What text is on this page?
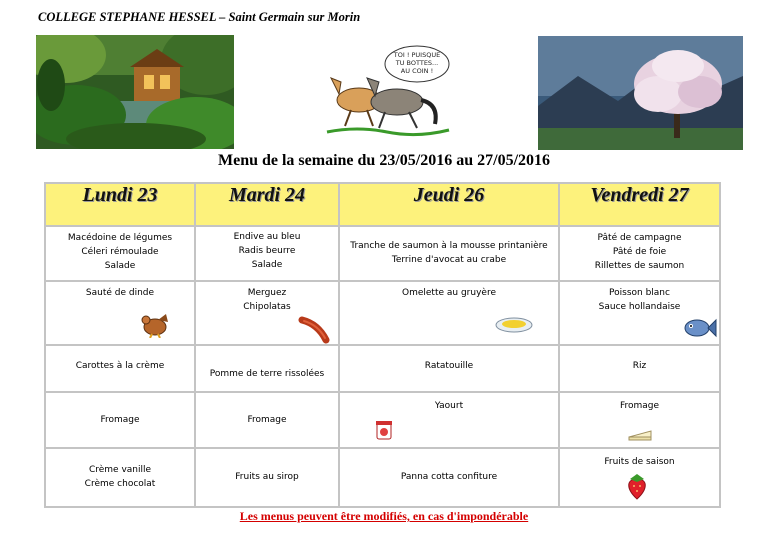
COLLEGE STEPHANE HESSEL – Saint Germain sur Morin
TOI ! PUISQUE
TU BOTTES...
AU COIN !
Menu de la semaine du 23/05/2016 au 27/05/2016
Lundi 23	Mardi 24	Jeudi 26	Vendredi 27

Macédoine de légumes
Céleri rémoulade
Salade	Endive au bleu
Radis beurre
Salade	Tranche de saumon à la mousse printanière
Terrine d'avocat au crabe	Pâté de campagne
Pâté de foie
Rillettes de saumon

Sauté de dinde	Merguez
Chipolatas	Omelette au gruyère	Poisson blanc
Sauce hollandaise

Carottes à la crème	Pomme de terre rissolées	Ratatouille	Riz

Fromage	Fromage	Yaourt	Fromage

Crème vanille
Crème chocolat	Fruits au sirop	Panna cotta confiture	Fruits de saison
Les menus peuvent être modifiés, en cas d'impondérable
